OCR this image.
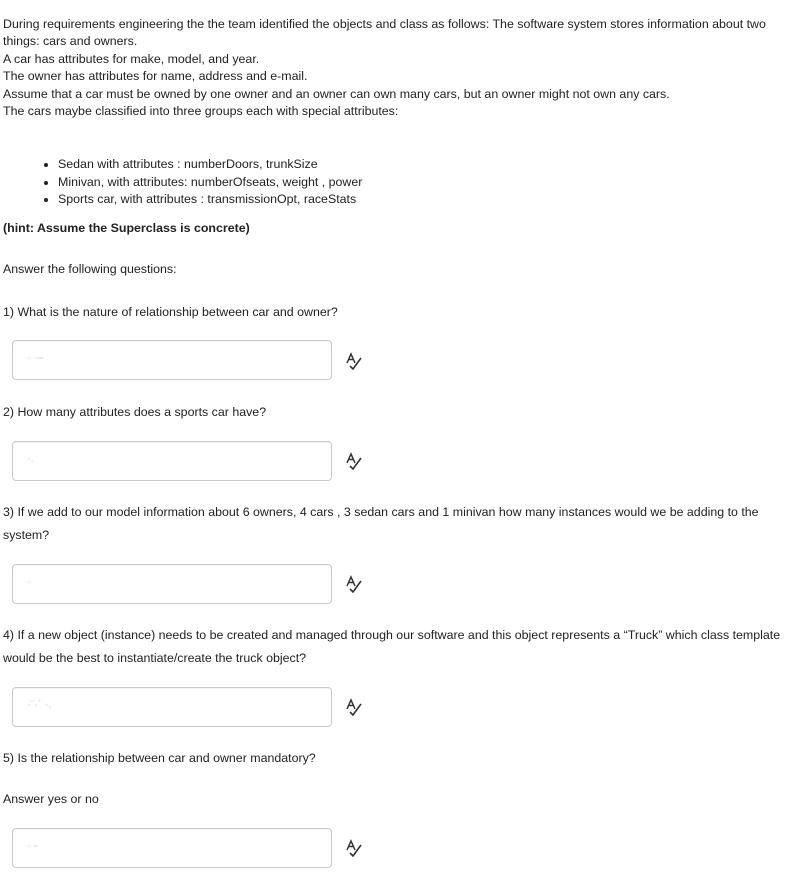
During requirements engineering the the team identified the objects and class as follows: The software system stores information about two things: cars and owners.

A car has attributes for make, model, and year.

The owner has attributes for name, address and e-mail.

Assume that a car must be owned by one owner and an owner can own many cars, but an owner might not own any cars.

The cars maybe classified into three groups each with special attributes:

• Sedan with attributes : numberDoors, trunkSize
• Minivan, with attributes: numberOfseats, weight , power
• Sports car, with attributes : transmissionOpt, raceStats
(hint: Assume the Superclass is concrete)
Answer the following questions:
1) What is the nature of relationship between car and owner?
· ·–
2) How many attributes does a sports car have?
·.
3) If we add to our model information about 6 owners, 4 cars , 3 sedan cars and 1 minivan how many instances would we be adding to the system?
·
4) If a new object (instance) needs to be created and managed through our software and this object represents a “Truck” which class template would be the best to instantiate/create the truck object?
·¨·´ ·.
5) Is the relationship between car and owner mandatory?
Answer yes or no
· -
